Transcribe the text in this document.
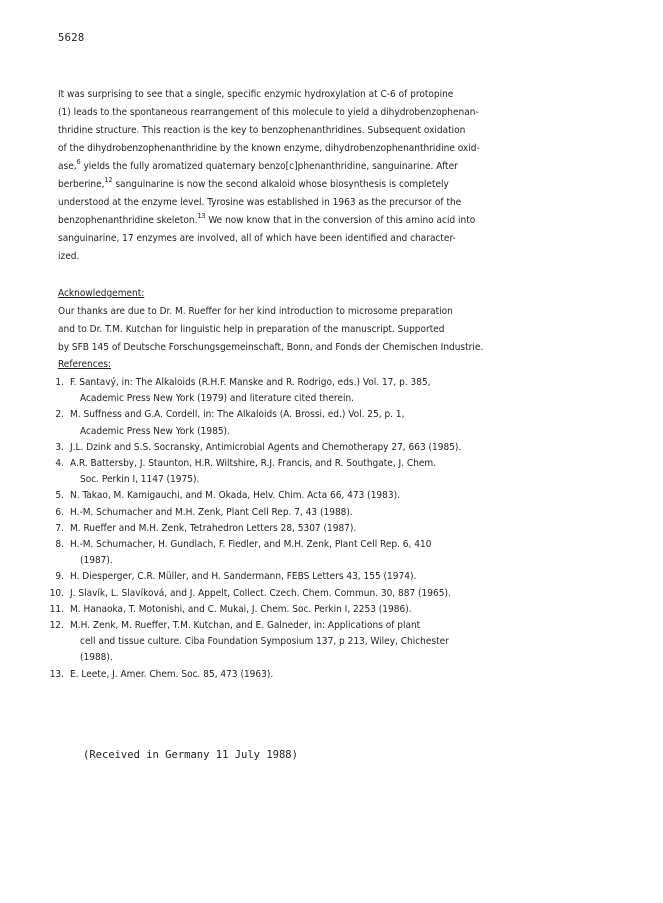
5628
It was surprising to see that a single, specific enzymic hydroxylation at C-6 of protopine
(1) leads to the spontaneous rearrangement of this molecule to yield a dihydrobenzophenan-
thridine structure. This reaction is the key to benzophenanthridines. Subsequent oxidation
of the dihydrobenzophenanthridine by the known enzyme, dihydrobenzophenanthridine oxid-
ase,$^6$ yields the fully aromatized quaternary benzo[c]phenanthridine, sanguinarine. After
berberine,$^{12}$ sanguinarine is now the second alkaloid whose biosynthesis is completely
understood at the enzyme level. Tyrosine was established in 1963 as the precursor of the
benzophenanthridine skeleton.$^{13}$ We now know that in the conversion of this amino acid into
sanguinarine, 17 enzymes are involved, all of which have been identified and character-
ized.
Acknowledgement:
Our thanks are due to Dr. M. Rueffer for her kind introduction to microsome preparation
and to Dr. T.M. Kutchan for linguistic help in preparation of the manuscript. Supported
by SFB 145 of Deutsche Forschungsgemeinschaft, Bonn, and Fonds der Chemischen Industrie.
References:
1. F. Santavý, in: The Alkaloids (R.H.F. Manske and R. Rodrigo, eds.) Vol. 17, p. 385,
Academic Press New York (1979) and literature cited therein.
2. M. Suffness and G.A. Cordell, in: The Alkaloids (A. Brossi, ed.) Vol. 25, p. 1,
Academic Press New York (1985).
3. J.L. Dzink and S.S. Socransky, Antimicrobial Agents and Chemotherapy 27, 663 (1985).
4. A.R. Battersby, J. Staunton, H.R. Wiltshire, R.J. Francis, and R. Southgate, J. Chem.
Soc. Perkin I, 1147 (1975).
5. N. Takao, M. Kamigauchi, and M. Okada, Helv. Chim. Acta 66, 473 (1983).
6. H.-M. Schumacher and M.H. Zenk, Plant Cell Rep. 7, 43 (1988).
7. M. Rueffer and M.H. Zenk, Tetrahedron Letters 28, 5307 (1987).
8. H.-M. Schumacher, H. Gundlach, F. Fiedler, and M.H. Zenk, Plant Cell Rep. 6, 410
(1987).
9. H. Diesperger, C.R. Müller, and H. Sandermann, FEBS Letters 43, 155 (1974).
10. J. Slavík, L. Slavíková, and J. Appelt, Collect. Czech. Chem. Commun. 30, 887 (1965).
11. M. Hanaoka, T. Motonishi, and C. Mukai, J. Chem. Soc. Perkin I, 2253 (1986).
12. M.H. Zenk, M. Rueffer, T.M. Kutchan, and E. Galneder, in: Applications of plant
cell and tissue culture. Ciba Foundation Symposium 137, p 213, Wiley, Chichester
(1988).
13. E. Leete, J. Amer. Chem. Soc. 85, 473 (1963).
(Received in Germany 11 July 1988)
